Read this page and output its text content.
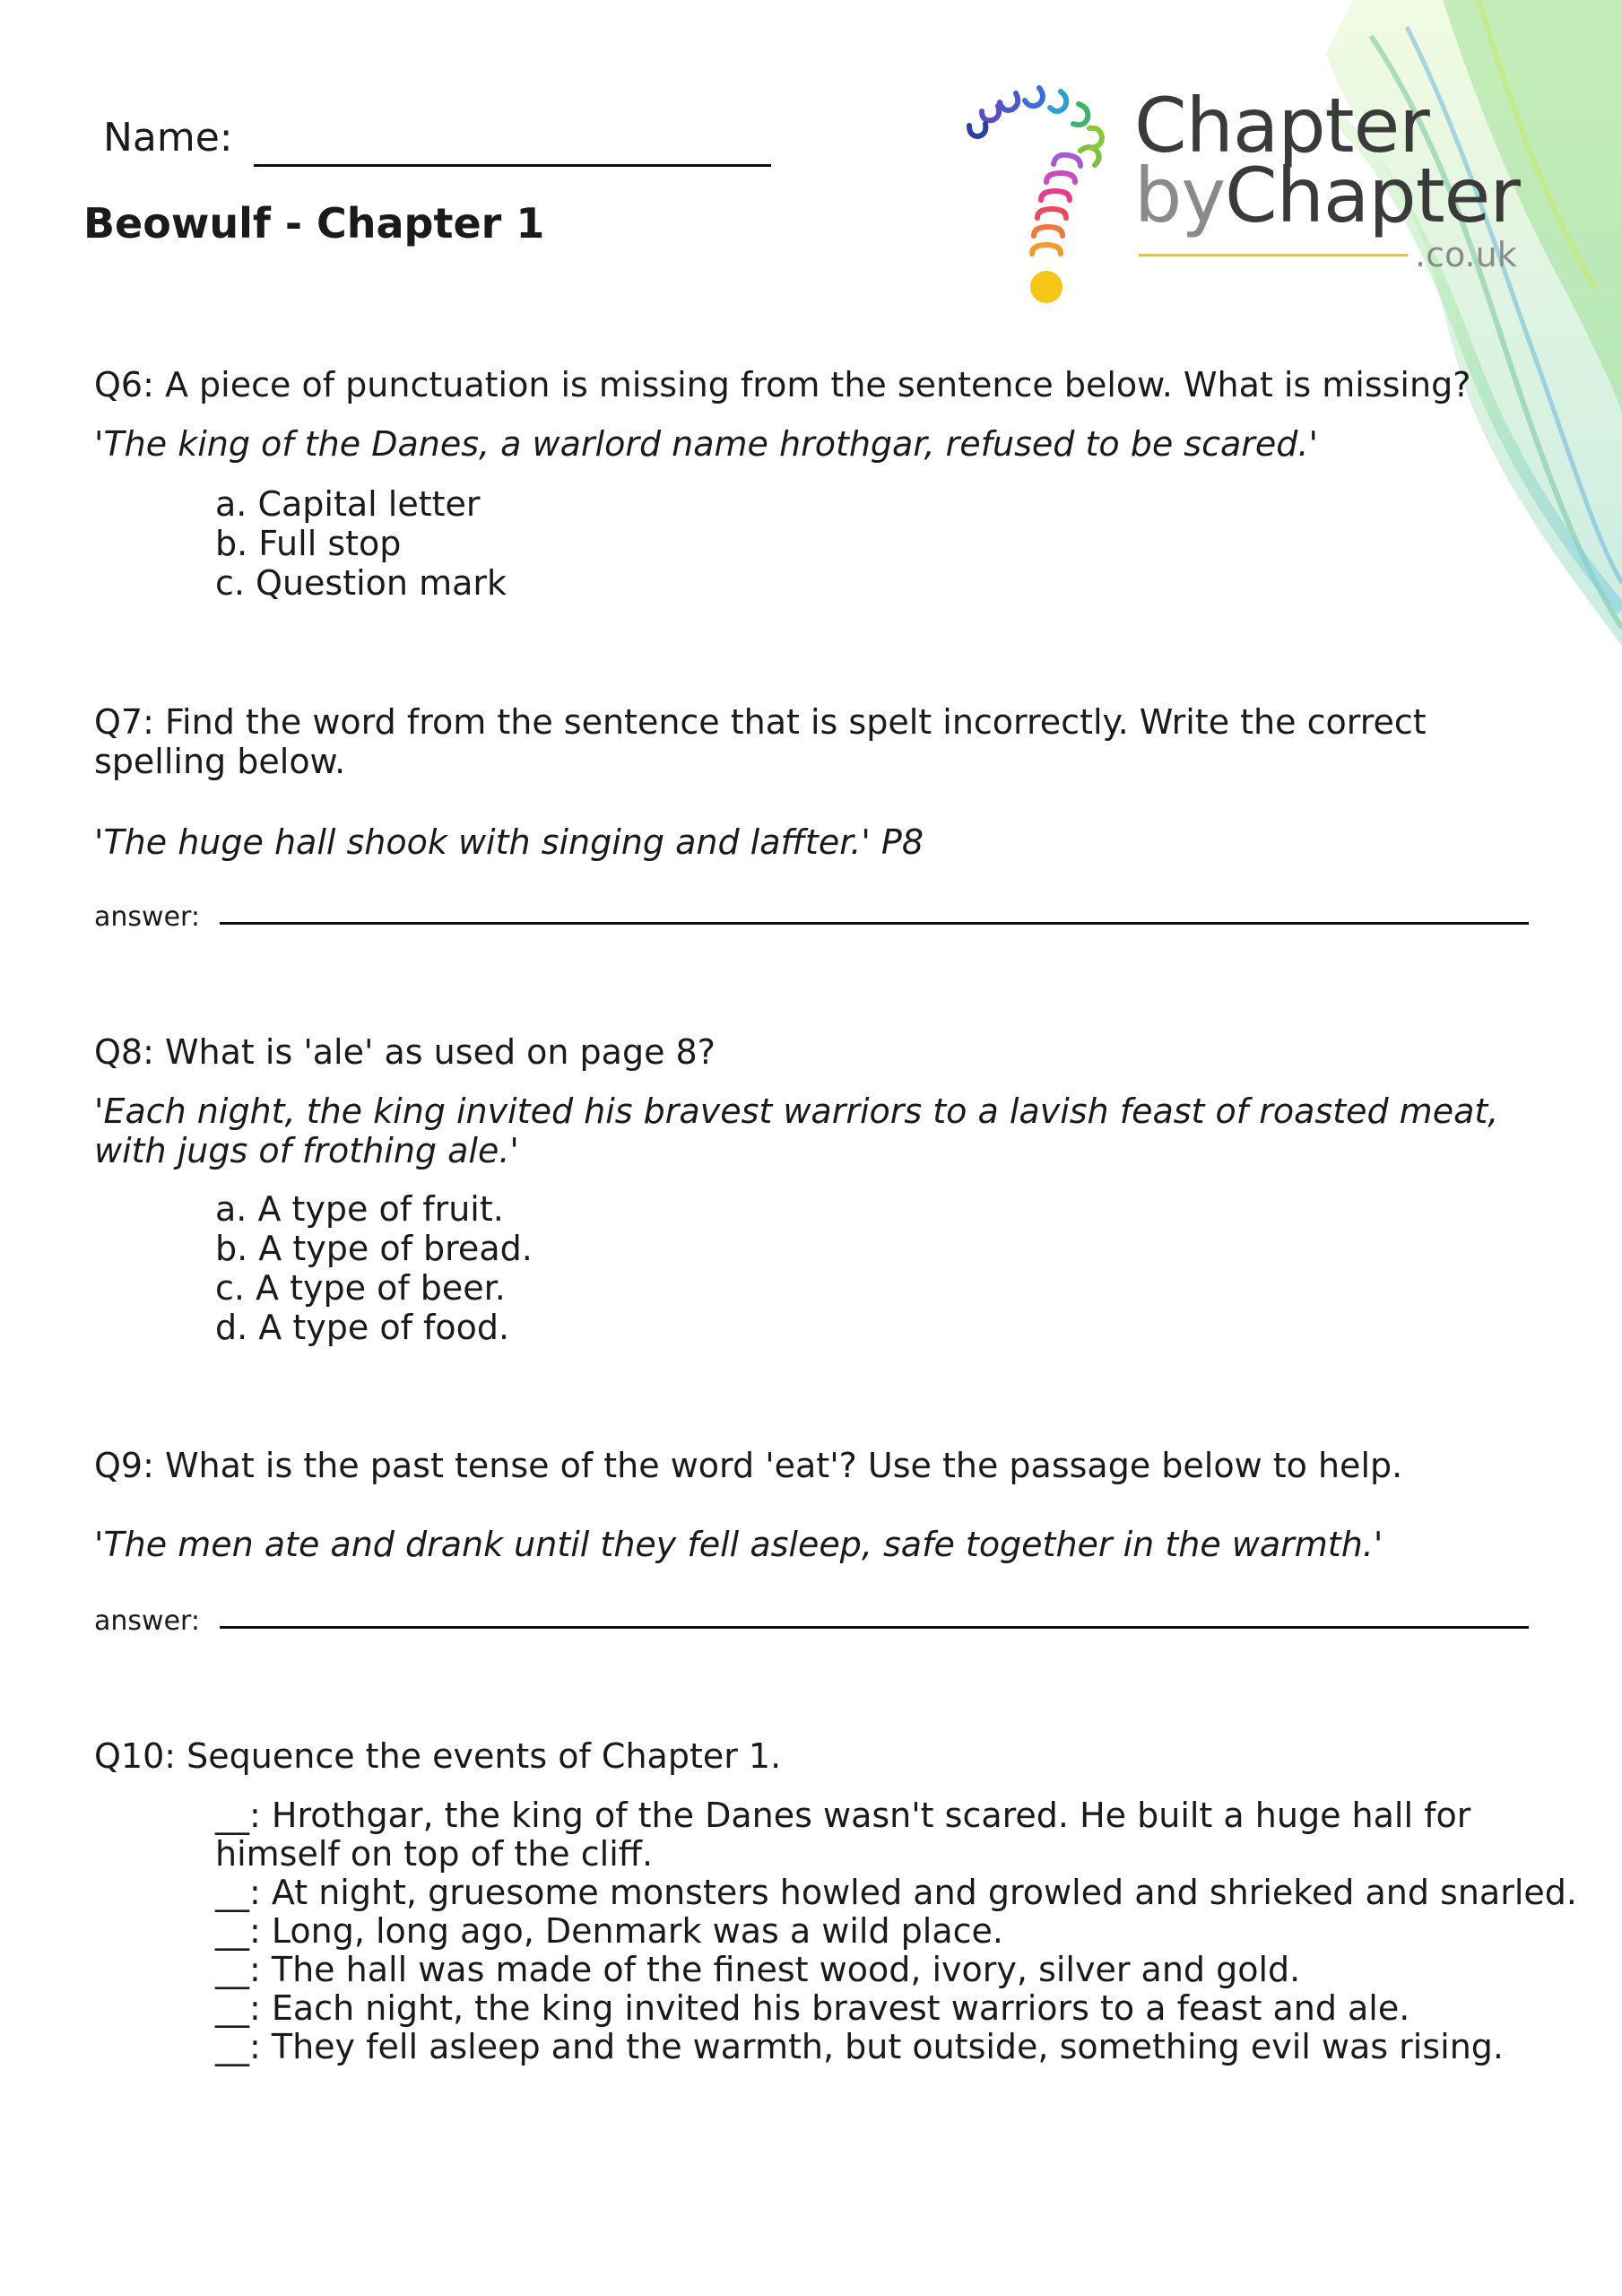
Name:
Beowulf - Chapter 1
Chapter
byChapter
.co.uk
Q6: A piece of punctuation is missing from the sentence below. What is missing?
'The king of the Danes, a warlord name hrothgar, refused to be scared.'
a. Capital letter
b. Full stop
c. Question mark
Q7: Find the word from the sentence that is spelt incorrectly. Write the correct spelling below.
'The huge hall shook with singing and laffter.' P8
answer:
Q8: What is 'ale' as used on page 8?
'Each night, the king invited his bravest warriors to a lavish feast of roasted meat, with jugs of frothing ale.'
a. A type of fruit.
b. A type of bread.
c. A type of beer.
d. A type of food.
Q9: What is the past tense of the word 'eat'? Use the passage below to help.
'The men ate and drank until they fell asleep, safe together in the warmth.'
answer:
Q10: Sequence the events of Chapter 1.
__: Hrothgar, the king of the Danes wasn't scared. He built a huge hall for himself on top of the cliff.
__: At night, gruesome monsters howled and growled and shrieked and snarled.
__: Long, long ago, Denmark was a wild place.
__: The hall was made of the finest wood, ivory, silver and gold.
__: Each night, the king invited his bravest warriors to a feast and ale.
__: They fell asleep and the warmth, but outside, something evil was rising.
